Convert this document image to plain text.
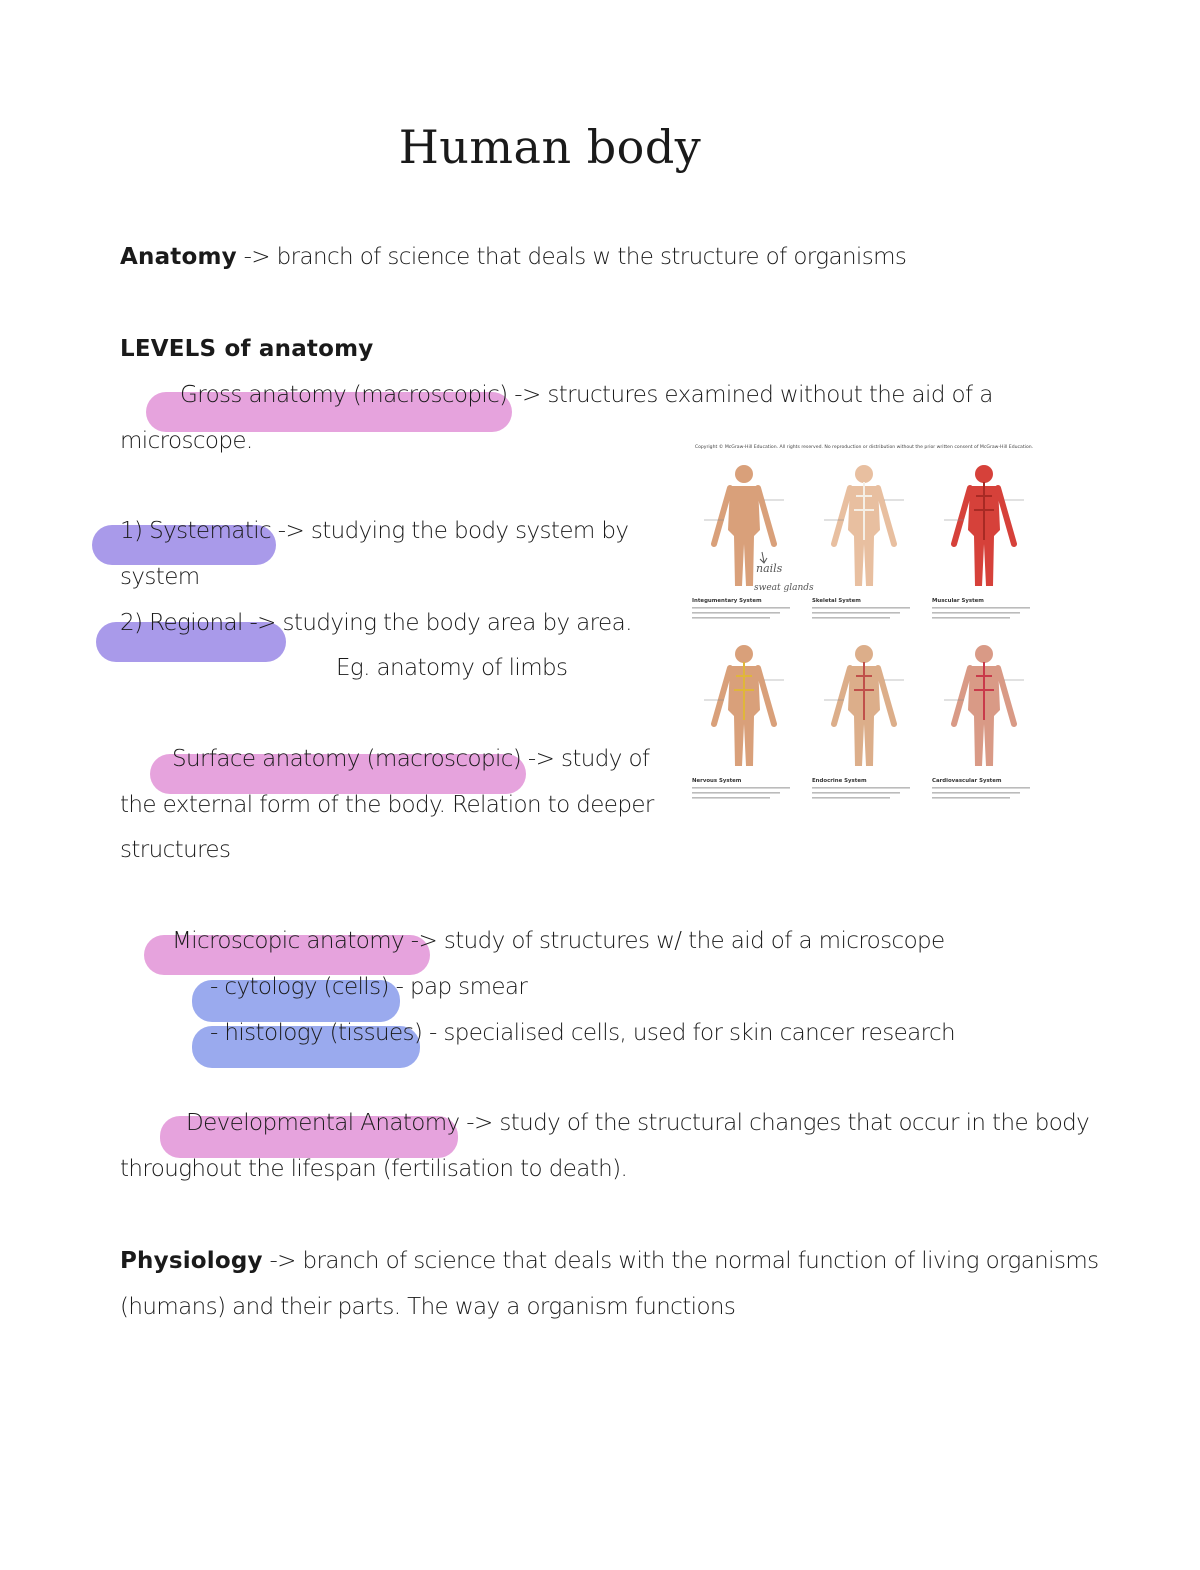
Human body
Anatomy -> branch of science that deals w the structure of organisms
LEVELS of anatomy
Gross anatomy (macroscopic) -> structures examined without the aid of a
microscope.
1) Systematic -> studying the body system by
system
2) Regional -> studying the body area by area.
Eg. anatomy of limbs
Surface anatomy (macroscopic) -> study of
the external form of the body. Relation to deeper
structures
Microscopic anatomy -> study of structures w/ the aid of a microscope
- cytology (cells) - pap smear
- histology (tissues) - specialised cells, used for skin cancer research
Developmental Anatomy -> study of the structural changes that occur in the body
throughout the lifespan (fertilisation to death).
Physiology -> branch of science that deals with the normal function of living organisms
(humans) and their parts. The way a organism functions
Copyright © McGraw-Hill Education. All rights reserved. No reproduction or distribution without the prior written consent of McGraw-Hill Education.
Integumentary System	Skeletal System	Muscular System
Nervous System	Endocrine System	Cardiovascular System
nails
sweat glands
